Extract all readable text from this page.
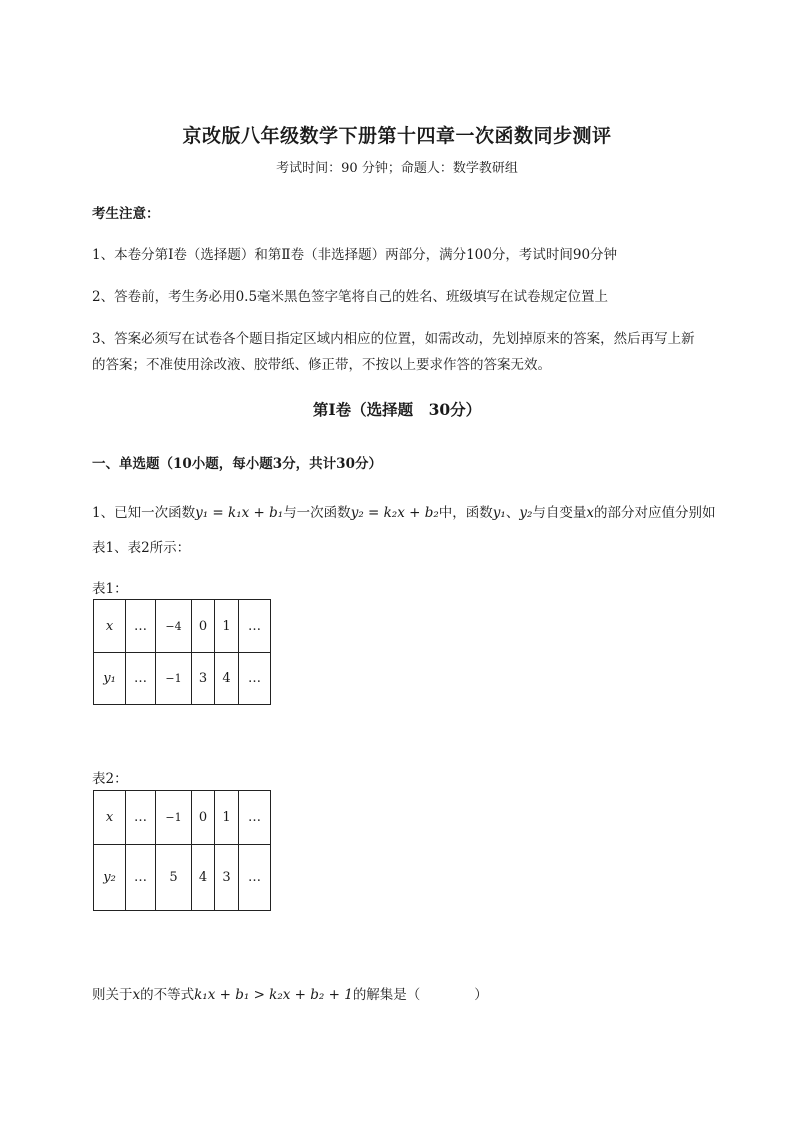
京改版八年级数学下册第十四章一次函数同步测评
考试时间：90 分钟；命题人：数学教研组
考生注意：
1、本卷分第Ⅰ卷（选择题）和第Ⅱ卷（非选择题）两部分，满分100分，考试时间90分钟
2、答卷前，考生务必用0.5毫米黑色签字笔将自己的姓名、班级填写在试卷规定位置上
3、答案必须写在试卷各个题目指定区域内相应的位置，如需改动，先划掉原来的答案，然后再写上新
的答案；不准使用涂改液、胶带纸、修正带，不按以上要求作答的答案无效。
第Ⅰ卷（选择题　30分）
一、单选题（10小题，每小题3分，共计30分）
1、已知一次函数y₁ = k₁x + b₁与一次函数y₂ = k₂x + b₂中，函数y₁、y₂与自变量x的部分对应值分别如
表1、表2所示：
表1：
x	…	−4	0	1	…
y₁	…	−1	3	4	…
表2：
x	…	−1	0	1	…
y₂	…	5	4	3	…
则关于x的不等式k₁x + b₁ > k₂x + b₂ + 1的解集是（　　　　）
